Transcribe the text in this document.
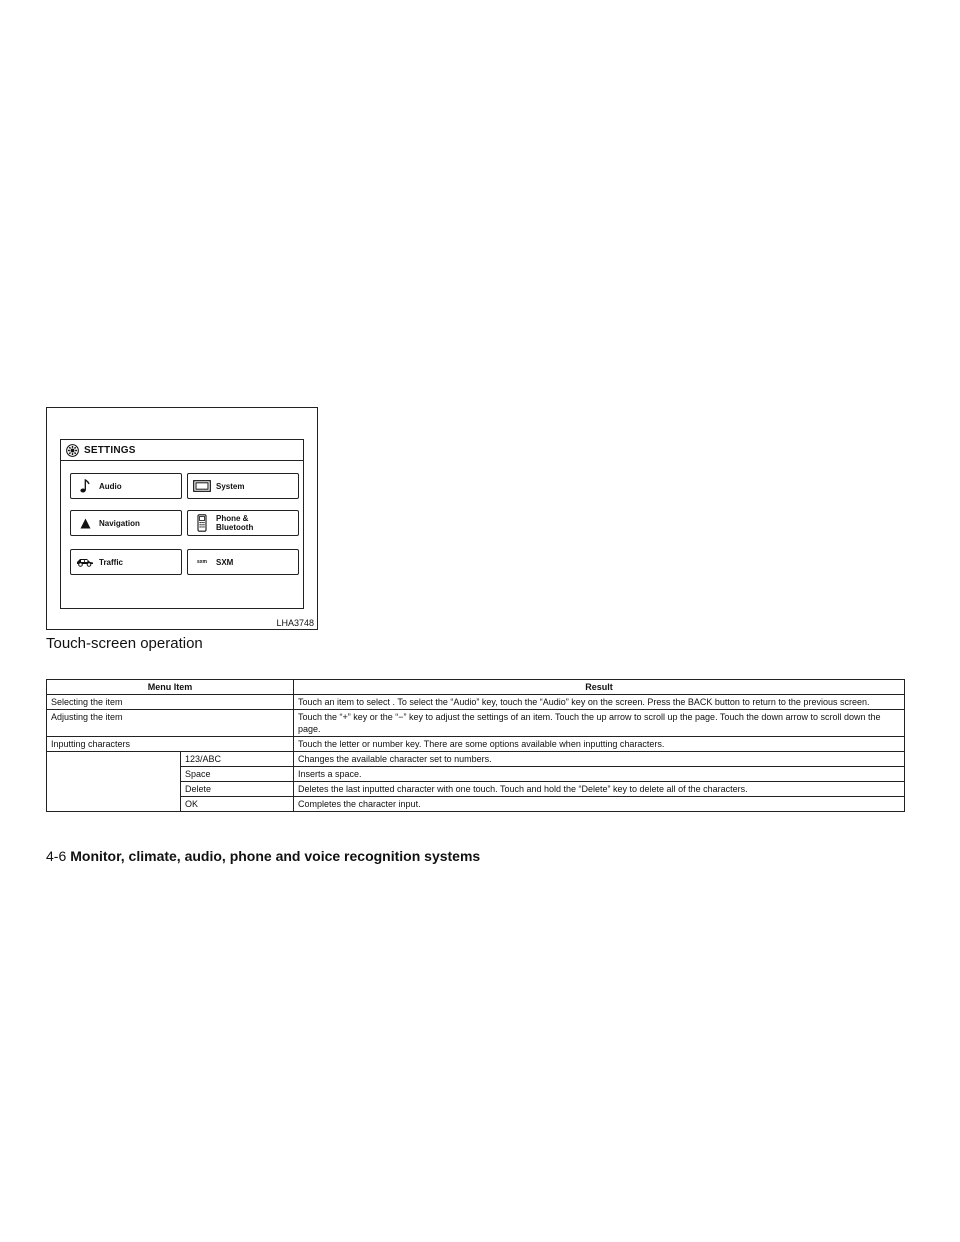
SETTINGS
Audio	System
Navigation	Phone &
Bluetooth
Traffic	sxm SXM
LHA3748
Touch-screen operation
Menu Item		Result
Selecting the item		Touch an item to select . To select the “Audio” key, touch the “Audio” key on the screen. Press the BACK button to return to the previous screen.
Adjusting the item		Touch the “+” key or the “−” key to adjust the settings of an item. Touch the up arrow to scroll up the page. Touch the down arrow to scroll down the page.
Inputting characters		Touch the letter or number key. There are some options available when inputting characters.
	123/ABC	Changes the available character set to numbers.
	Space	Inserts a space.
	Delete	Deletes the last inputted character with one touch. Touch and hold the “Delete” key to delete all of the characters.
	OK	Completes the character input.
4-6 Monitor, climate, audio, phone and voice recognition systems
